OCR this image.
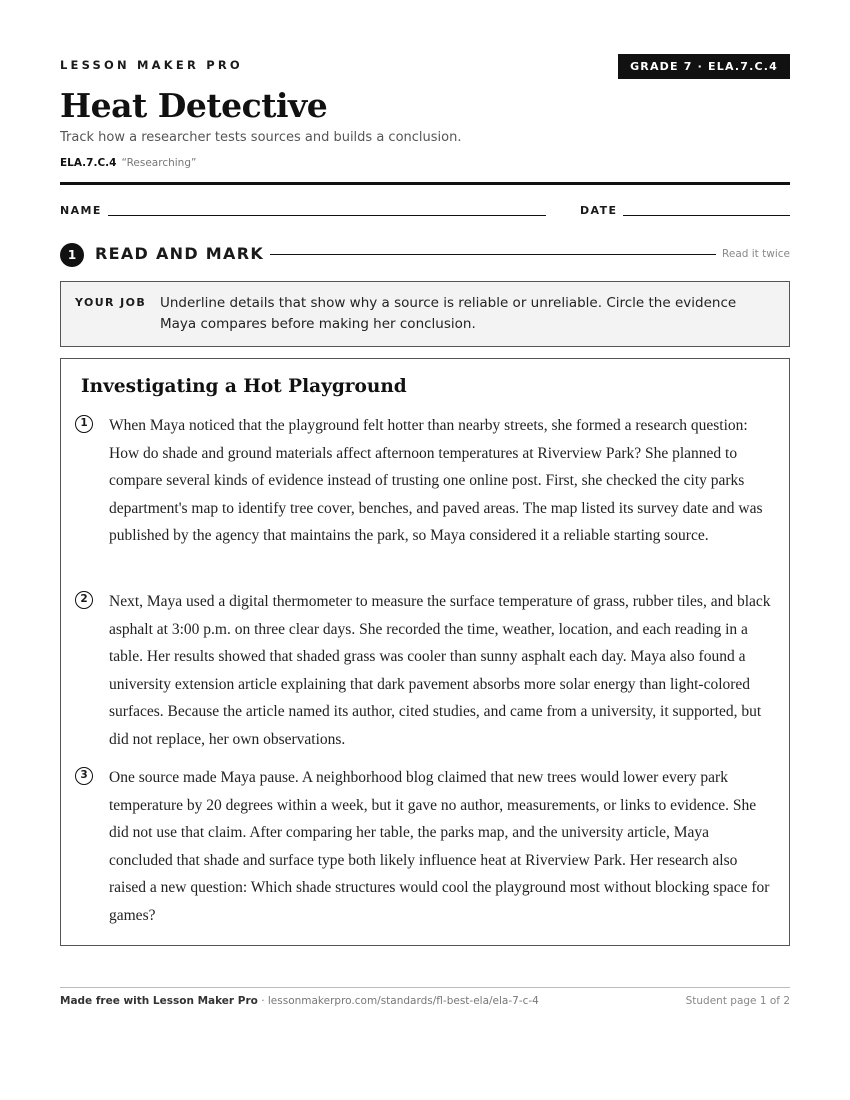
LESSON MAKER PRO	GRADE 7 · ELA.7.C.4
Heat Detective
Track how a researcher tests sources and builds a conclusion.
ELA.7.C.4 “Researching”
NAME	DATE
1	READ AND MARK	Read it twice
YOUR JOB Underline details that show why a source is reliable or unreliable. Circle the evidence Maya compares before making her conclusion.
Investigating a Hot Playground
1	When Maya noticed that the playground felt hotter than nearby streets, she formed a research question: How do shade and ground materials affect afternoon temperatures at Riverview Park? She planned to compare several kinds of evidence instead of trusting one online post. First, she checked the city parks department's map to identify tree cover, benches, and paved areas. The map listed its survey date and was published by the agency that maintains the park, so Maya considered it a reliable starting source.

2	Next, Maya used a digital thermometer to measure the surface temperature of grass, rubber tiles, and black asphalt at 3:00 p.m. on three clear days. She recorded the time, weather, location, and each reading in a table. Her results showed that shaded grass was cooler than sunny asphalt each day. Maya also found a university extension article explaining that dark pavement absorbs more solar energy than light-colored surfaces. Because the article named its author, cited studies, and came from a university, it supported, but did not replace, her own observations.

3	One source made Maya pause. A neighborhood blog claimed that new trees would lower every park temperature by 20 degrees within a week, but it gave no author, measurements, or links to evidence. She did not use that claim. After comparing her table, the parks map, and the university article, Maya concluded that shade and surface type both likely influence heat at Riverview Park. Her research also raised a new question: Which shade structures would cool the playground most without blocking space for games?

Made free with Lesson Maker Pro · lessonmakerpro.com/standards/fl-best-ela/ela-7-c-4	Student page 1 of 2
